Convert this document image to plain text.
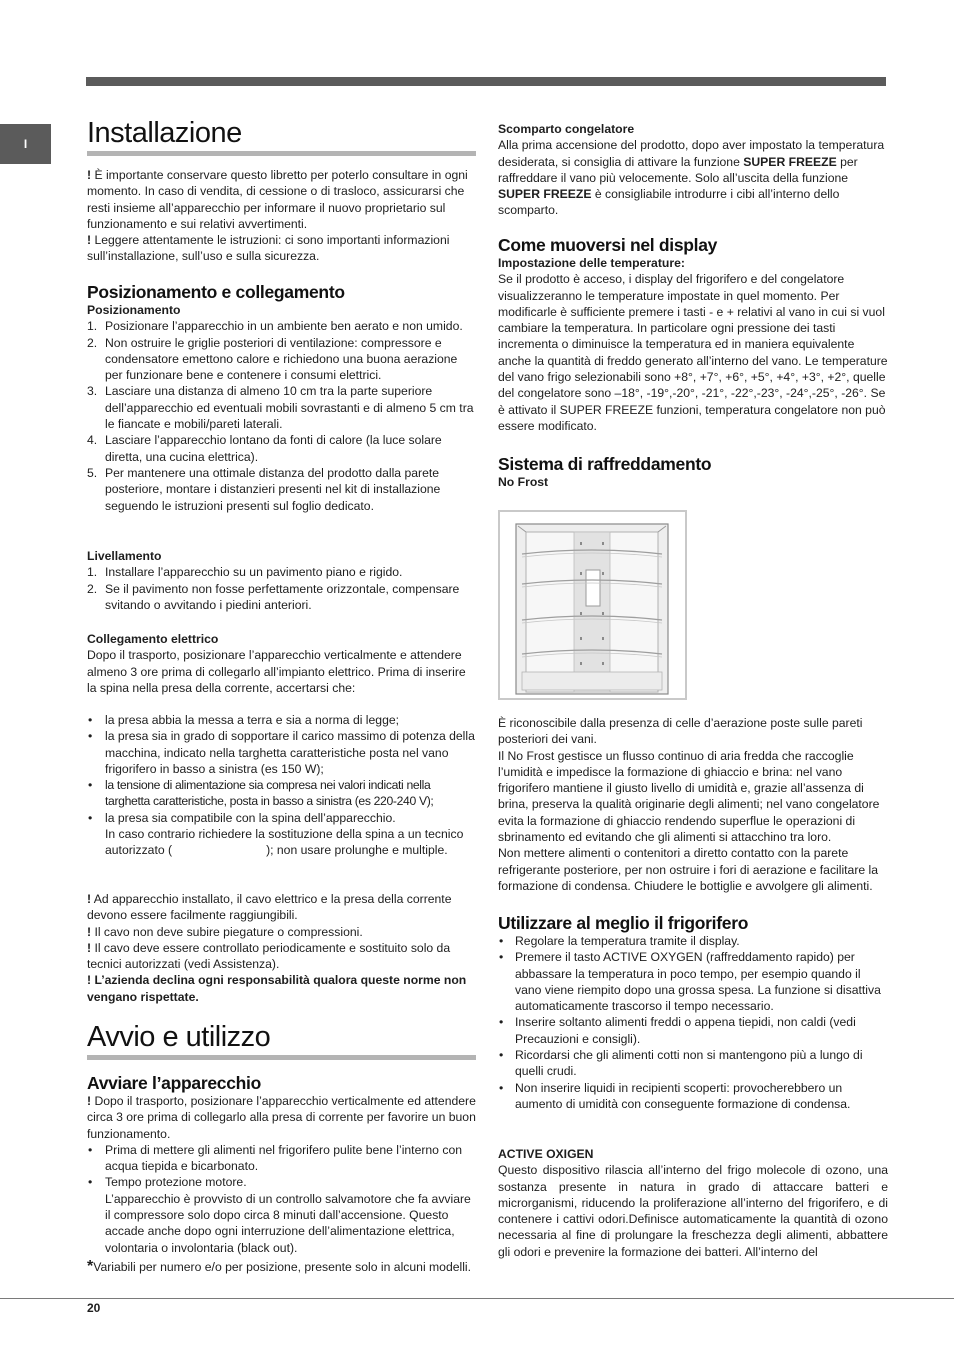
I Installazione

! È importante conservare questo libretto per poterlo consultare in ogni momento. In caso di vendita, di cessione o di trasloco, assicurarsi che resti insieme all’apparecchio per informare il nuovo proprietario sul funzionamento e sui relativi avvertimenti.

! Leggere attentamente le istruzioni: ci sono importanti informazioni sull’installazione, sull’uso e sulla sicurezza.

Posizionamento e collegamento
Posizionamento
1. Posizionare l’apparecchio in un ambiente ben aerato e non umido.
2. Non ostruire le griglie posteriori di ventilazione: compressore e condensatore emettono calore e richiedono una buona aerazione per funzionare bene e contenere i consumi elettrici.
3. Lasciare una distanza di almeno 10 cm tra la parte superiore dell’apparecchio ed eventuali mobili sovrastanti e di almeno 5 cm tra le fiancate e mobili/pareti laterali.
4. Lasciare l’apparecchio lontano da fonti di calore (la luce solare diretta, una cucina elettrica).
5. Per mantenere una ottimale distanza del prodotto dalla parete posteriore, montare i distanzieri presenti nel kit di installazione seguendo le istruzioni presenti sul foglio dedicato.
Livellamento
1. Installare l’apparecchio su un pavimento piano e rigido.
2. Se il pavimento non fosse perfettamente orizzontale, compensare svitando o avvitando i piedini anteriori.
Collegamento elettrico

Dopo il trasporto, posizionare l’apparecchio verticalmente e attendere almeno 3 ore prima di collegarlo all’impianto elettrico. Prima di inserire la spina nella presa della corrente, accertarsi che:

• la presa abbia la messa a terra e sia a norma di legge;
• la presa sia in grado di sopportare il carico massimo di potenza della macchina, indicato nella targhetta caratteristiche posta nel vano frigorifero in basso a sinistra (es 150 W);
• la tensione di alimentazione sia compresa nei valori indicati nella targhetta caratteristiche, posta in basso a sinistra (es 220-240 V);
• la presa sia compatibile con la spina dell’apparecchio.
In caso contrario richiedere la sostituzione della spina a un tecnico autorizzato (	); non usare prolunghe e multiple.

! Ad apparecchio installato, il cavo elettrico e la presa della corrente devono essere facilmente raggiungibili.

! Il cavo non deve subire piegature o compressioni.

! Il cavo deve essere controllato periodicamente e sostituito solo da tecnici autorizzati (vedi Assistenza).

! L’azienda declina ogni responsabilità qualora queste norme non vengano rispettate.

Avvio e utilizzo
Avviare l’apparecchio

! Dopo il trasporto, posizionare l’apparecchio verticalmente ed attendere circa 3 ore prima di collegarlo alla presa di corrente per favorire un buon funzionamento.

• Prima di mettere gli alimenti nel frigorifero pulite bene l’interno con acqua tiepida e bicarbonato.
• Tempo protezione motore.
L’apparecchio è provvisto di un controllo salvamotore che fa avviare il compressore solo dopo circa 8 minuti dall’accensione. Questo accade anche dopo ogni interruzione dell’alimentazione elettrica, volontaria o involontaria (black out).

*Variabili per numero e/o per posizione, presente solo in alcuni modelli.

Scomparto congelatore

Alla prima accensione del prodotto, dopo aver impostato la temperatura desiderata, si consiglia di attivare la funzione SUPER FREEZE per raffreddare il vano più velocemente. Solo all’uscita della funzione SUPER FREEZE è consigliabile introdurre i cibi all’interno dello scomparto.

Come muoversi nel display
Impostazione delle temperature:

Se il prodotto è acceso, i display del frigorifero e del congelatore visualizzeranno le temperature impostate in quel momento. Per modificarle è sufficiente premere i tasti - e + relativi al vano in cui si vuol cambiare la temperatura. In particolare ogni pressione dei tasti incrementa o diminuisce la temperatura ed in maniera equivalente anche la quantità di freddo generato all’interno del vano. Le temperature del vano frigo selezionabili sono +8°, +7°, +6°, +5°, +4°, +3°, +2°, quelle del congelatore sono –18°, -19°,-20°, -21°, -22°,-23°, -24°,-25°, -26°. Se è attivato il SUPER FREEZE funzioni, temperatura congelatore non può essere modificato.

Sistema di raffreddamento
No Frost

È riconoscibile dalla presenza di celle d’aerazione poste sulle pareti posteriori dei vani.

Il No Frost gestisce un flusso continuo di aria fredda che raccoglie l’umidità e impedisce la formazione di ghiaccio e brina: nel vano frigorifero mantiene il giusto livello di umidità e, grazie all’assenza di brina, preserva la qualità originarie degli alimenti; nel vano congelatore evita la formazione di ghiaccio rendendo superflue le operazioni di sbrinamento ed evitando che gli alimenti si attacchino tra loro.

Non mettere alimenti o contenitori a diretto contatto con la parete refrigerante posteriore, per non ostruire i fori di aerazione e facilitare la formazione di condensa. Chiudere le bottiglie e avvolgere gli alimenti.

Utilizzare al meglio il frigorifero
• Regolare la temperatura tramite il display.
• Premere il tasto ACTIVE OXYGEN (raffreddamento rapido) per abbassare la temperatura in poco tempo, per esempio quando il vano viene riempito dopo una grossa spesa. La funzione si disattiva automaticamente trascorso il tempo necessario.
• Inserire soltanto alimenti freddi o appena tiepidi, non caldi (vedi Precauzioni e consigli).
• Ricordarsi che gli alimenti cotti non si mantengono più a lungo di quelli crudi.
• Non inserire liquidi in recipienti scoperti: provocherebbero un aumento di umidità con conseguente formazione di condensa.
ACTIVE OXIGEN

Questo dispositivo rilascia all’interno del frigo molecole di ozono, una sostanza presente in natura in grado di attaccare batteri e microrganismi, riducendo la proliferazione all’interno del frigorifero, e di contenere i cattivi odori.Definisce automaticamente la quantità di ozono necessaria al fine di prolungare la freschezza degli alimenti, abbattere gli odori e prevenire la formazione dei batteri. All’interno del

20
